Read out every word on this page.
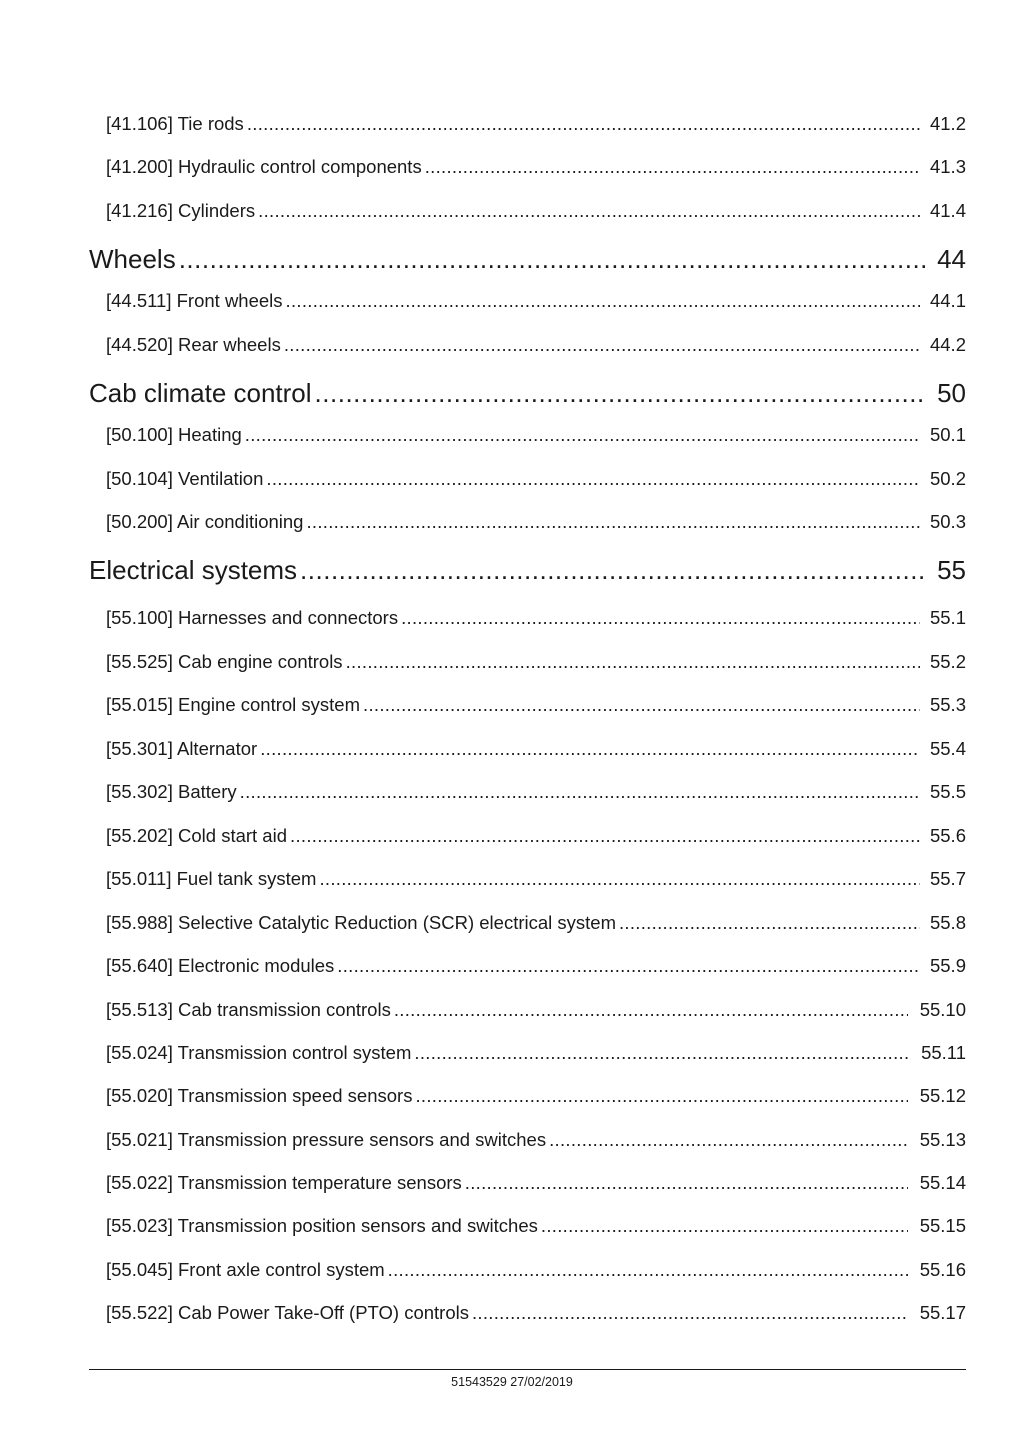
[41.106] Tie rods .....	41.2
[41.200] Hydraulic control components .....	41.3
[41.216] Cylinders .....	41.4
Wheels .....	44
[44.511] Front wheels .....	44.1
[44.520] Rear wheels .....	44.2
Cab climate control .....	50
[50.100] Heating .....	50.1
[50.104] Ventilation .....	50.2
[50.200] Air conditioning .....	50.3
Electrical systems .....	55
[55.100] Harnesses and connectors .....	55.1
[55.525] Cab engine controls .....	55.2
[55.015] Engine control system .....	55.3
[55.301] Alternator .....	55.4
[55.302] Battery .....	55.5
[55.202] Cold start aid .....	55.6
[55.011] Fuel tank system .....	55.7
[55.988] Selective Catalytic Reduction (SCR) electrical system .....	55.8
[55.640] Electronic modules .....	55.9
[55.513] Cab transmission controls .....	55.10
[55.024] Transmission control system .....	55.11
[55.020] Transmission speed sensors .....	55.12
[55.021] Transmission pressure sensors and switches .....	55.13
[55.022] Transmission temperature sensors .....	55.14
[55.023] Transmission position sensors and switches .....	55.15
[55.045] Front axle control system .....	55.16
[55.522] Cab Power Take-Off (PTO) controls .....	55.17
51543529 27/02/2019
